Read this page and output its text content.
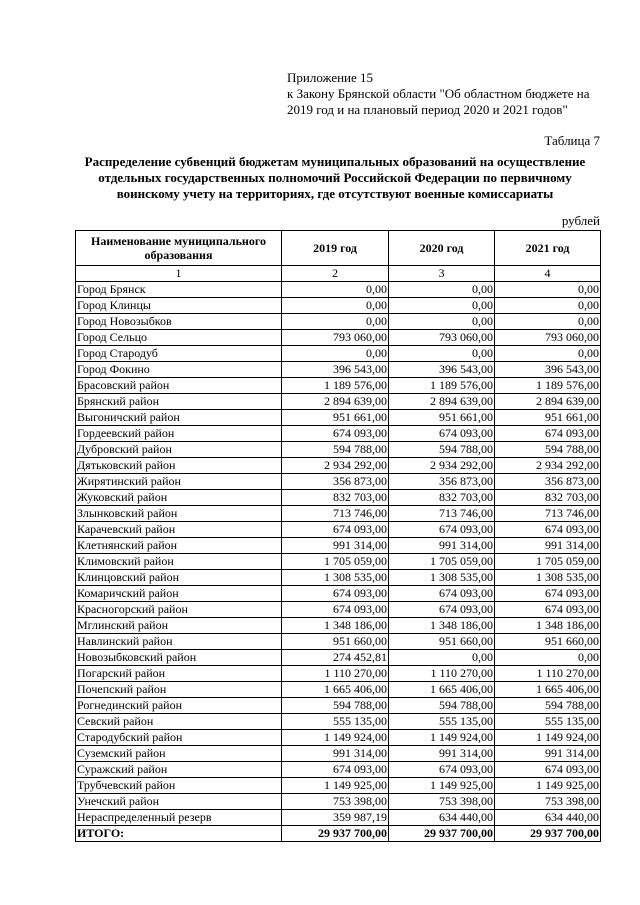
Приложение 15
к Закону Брянской области "Об областном бюджете на
2019 год и на плановый период 2020 и 2021 годов"
Таблица 7
Распределение субвенций бюджетам муниципальных образований на осуществление
отдельных государственных полномочий Российской Федерации по первичному
воинскому учету на территориях, где отсутствуют военные комиссариаты
рублей
Наименование муниципального образования	2019 год	2020 год	2021 год
1	2	3	4
Город Брянск	0,00	0,00	0,00
Город Клинцы	0,00	0,00	0,00
Город Новозыбков	0,00	0,00	0,00
Город Сельцо	793 060,00	793 060,00	793 060,00
Город Стародуб	0,00	0,00	0,00
Город Фокино	396 543,00	396 543,00	396 543,00
Брасовский район	1 189 576,00	1 189 576,00	1 189 576,00
Брянский район	2 894 639,00	2 894 639,00	2 894 639,00
Выгоничский район	951 661,00	951 661,00	951 661,00
Гордеевский район	674 093,00	674 093,00	674 093,00
Дубровский район	594 788,00	594 788,00	594 788,00
Дятьковский район	2 934 292,00	2 934 292,00	2 934 292,00
Жирятинский район	356 873,00	356 873,00	356 873,00
Жуковский район	832 703,00	832 703,00	832 703,00
Злынковский район	713 746,00	713 746,00	713 746,00
Карачевский район	674 093,00	674 093,00	674 093,00
Клетнянский район	991 314,00	991 314,00	991 314,00
Климовский район	1 705 059,00	1 705 059,00	1 705 059,00
Клинцовский район	1 308 535,00	1 308 535,00	1 308 535,00
Комаричский район	674 093,00	674 093,00	674 093,00
Красногорский район	674 093,00	674 093,00	674 093,00
Мглинский район	1 348 186,00	1 348 186,00	1 348 186,00
Навлинский район	951 660,00	951 660,00	951 660,00
Новозыбковский район	274 452,81	0,00	0,00
Погарский район	1 110 270,00	1 110 270,00	1 110 270,00
Почепский район	1 665 406,00	1 665 406,00	1 665 406,00
Рогнединский район	594 788,00	594 788,00	594 788,00
Севский район	555 135,00	555 135,00	555 135,00
Стародубский район	1 149 924,00	1 149 924,00	1 149 924,00
Суземский район	991 314,00	991 314,00	991 314,00
Суражский район	674 093,00	674 093,00	674 093,00
Трубчевский район	1 149 925,00	1 149 925,00	1 149 925,00
Унечский район	753 398,00	753 398,00	753 398,00
Нераспределенный резерв	359 987,19	634 440,00	634 440,00
ИТОГО:	29 937 700,00	29 937 700,00	29 937 700,00
